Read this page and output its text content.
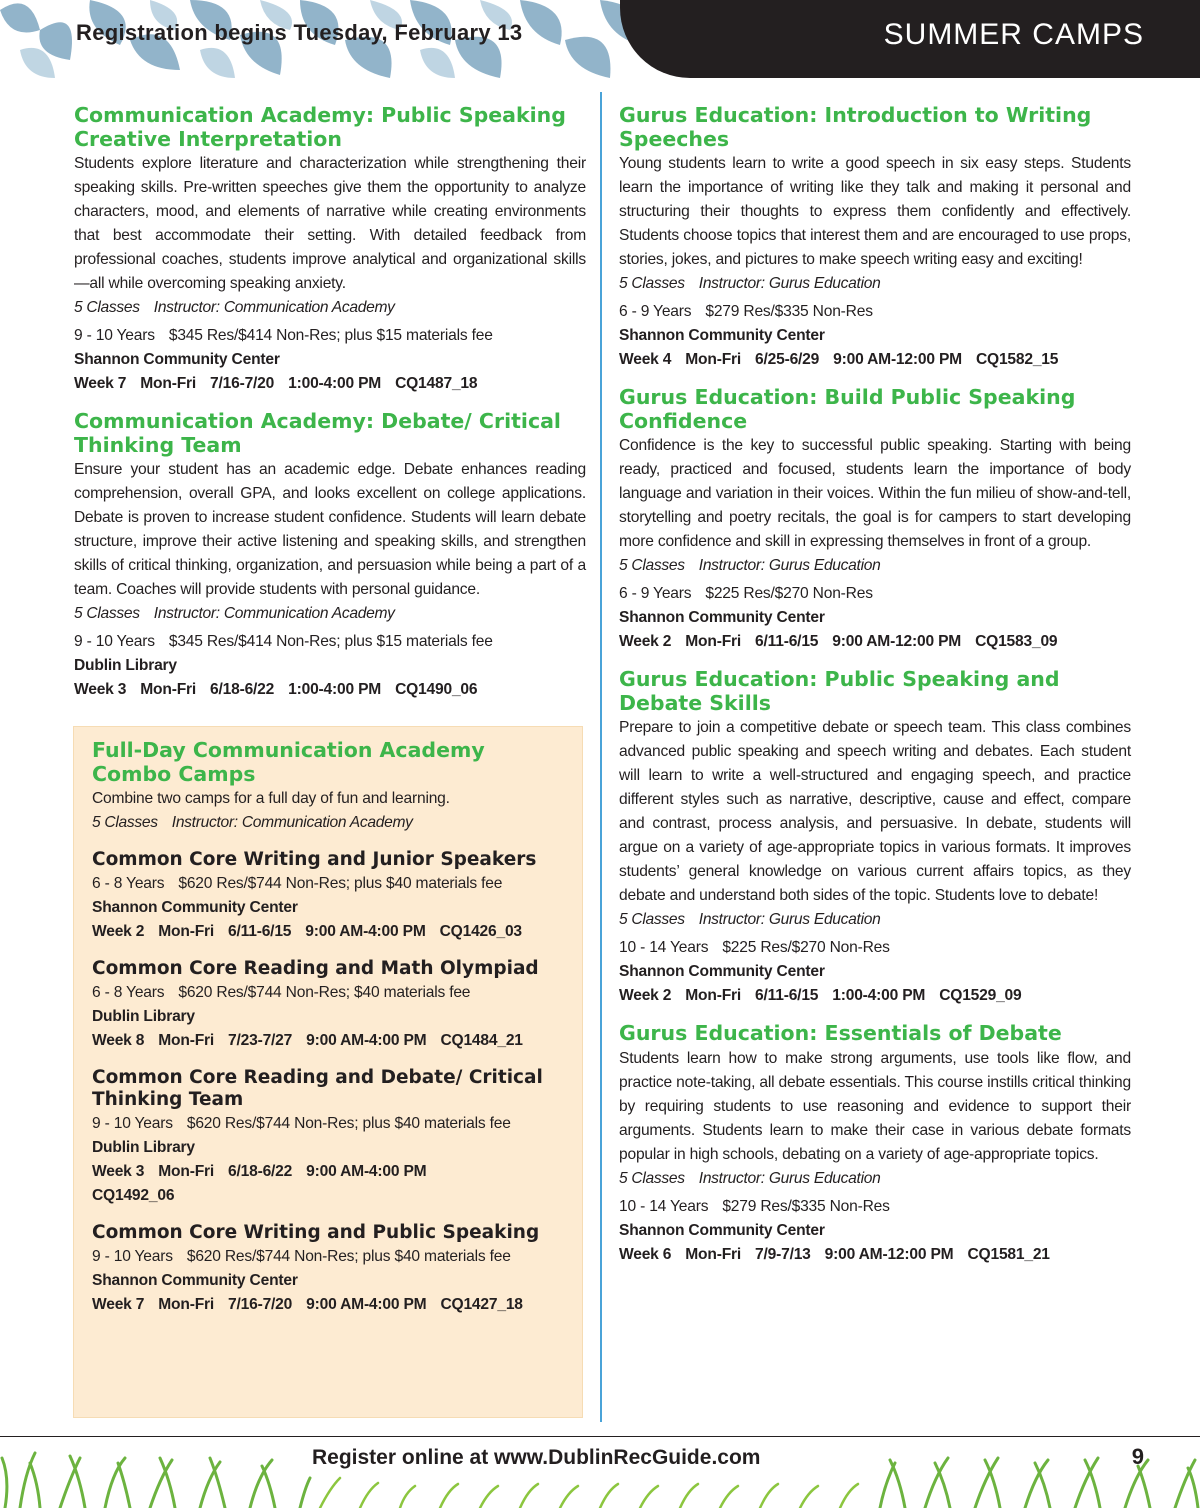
Registration begins Tuesday, February 13	SUMMER CAMPS
Communication Academy: Public Speaking Creative Interpretation

Students explore literature and characterization while strengthening their speaking skills. Pre-written speeches give them the opportunity to analyze characters, mood, and elements of narrative while creating environments that best accommodate their setting. With detailed feedback from professional coaches, students improve analytical and organizational skills—all while overcoming speaking anxiety.

5 Classes Instructor: Communication Academy

9 - 10 Years $345 Res/$414 Non-Res; plus $15 materials fee

Shannon Community Center

Week 7 Mon-Fri 7/16-7/20 1:00-4:00 PM CQ1487_18

Communication Academy: Debate/ Critical Thinking Team

Ensure your student has an academic edge. Debate enhances reading comprehension, overall GPA, and looks excellent on college applications. Debate is proven to increase student confidence. Students will learn debate structure, improve their active listening and speaking skills, and strengthen skills of critical thinking, organization, and persuasion while being a part of a team. Coaches will provide students with personal guidance.

5 Classes Instructor: Communication Academy

9 - 10 Years $345 Res/$414 Non-Res; plus $15 materials fee

Dublin Library

Week 3 Mon-Fri 6/18-6/22 1:00-4:00 PM CQ1490_06

Full-Day Communication Academy Combo Camps

Combine two camps for a full day of fun and learning.

5 Classes Instructor: Communication Academy

Common Core Writing and Junior Speakers

6 - 8 Years $620 Res/$744 Non-Res; plus $40 materials fee

Shannon Community Center

Week 2 Mon-Fri 6/11-6/15 9:00 AM-4:00 PM CQ1426_03

Common Core Reading and Math Olympiad

6 - 8 Years $620 Res/$744 Non-Res; $40 materials fee

Dublin Library

Week 8 Mon-Fri 7/23-7/27 9:00 AM-4:00 PM CQ1484_21

Common Core Reading and Debate/ Critical Thinking Team

9 - 10 Years $620 Res/$744 Non-Res; plus $40 materials fee

Dublin Library

Week 3 Mon-Fri 6/18-6/22 9:00 AM-4:00 PM

CQ1492_06

Common Core Writing and Public Speaking

9 - 10 Years $620 Res/$744 Non-Res; plus $40 materials fee

Shannon Community Center

Week 7 Mon-Fri 7/16-7/20 9:00 AM-4:00 PM CQ1427_18

Gurus Education: Introduction to Writing Speeches

Young students learn to write a good speech in six easy steps. Students learn the importance of writing like they talk and making it personal and structuring their thoughts to express them confidently and effectively. Students choose topics that interest them and are encouraged to use props, stories, jokes, and pictures to make speech writing easy and exciting!

5 Classes Instructor: Gurus Education

6 - 9 Years $279 Res/$335 Non-Res

Shannon Community Center

Week 4 Mon-Fri 6/25-6/29 9:00 AM-12:00 PM CQ1582_15

Gurus Education: Build Public Speaking Confidence

Confidence is the key to successful public speaking. Starting with being ready, practiced and focused, students learn the importance of body language and variation in their voices. Within the fun milieu of show-and-tell, storytelling and poetry recitals, the goal is for campers to start developing more confidence and skill in expressing themselves in front of a group.

5 Classes Instructor: Gurus Education

6 - 9 Years $225 Res/$270 Non-Res

Shannon Community Center

Week 2 Mon-Fri 6/11-6/15 9:00 AM-12:00 PM CQ1583_09

Gurus Education: Public Speaking and Debate Skills

Prepare to join a competitive debate or speech team. This class combines advanced public speaking and speech writing and debates. Each student will learn to write a well-structured and engaging speech, and practice different styles such as narrative, descriptive, cause and effect, compare and contrast, process analysis, and persuasive. In debate, students will argue on a variety of age-appropriate topics in various formats. It improves students’ general knowledge on various current affairs topics, as they debate and understand both sides of the topic. Students love to debate!

5 Classes Instructor: Gurus Education

10 - 14 Years $225 Res/$270 Non-Res

Shannon Community Center

Week 2 Mon-Fri 6/11-6/15 1:00-4:00 PM CQ1529_09

Gurus Education: Essentials of Debate

Students learn how to make strong arguments, use tools like flow, and practice note-taking, all debate essentials. This course instills critical thinking by requiring students to use reasoning and evidence to support their arguments. Students learn to make their case in various debate formats popular in high schools, debating on a variety of age-appropriate topics.

5 Classes Instructor: Gurus Education

10 - 14 Years $279 Res/$335 Non-Res

Shannon Community Center

Week 6 Mon-Fri 7/9-7/13 9:00 AM-12:00 PM CQ1581_21

Register online at www.DublinRecGuide.com	9
